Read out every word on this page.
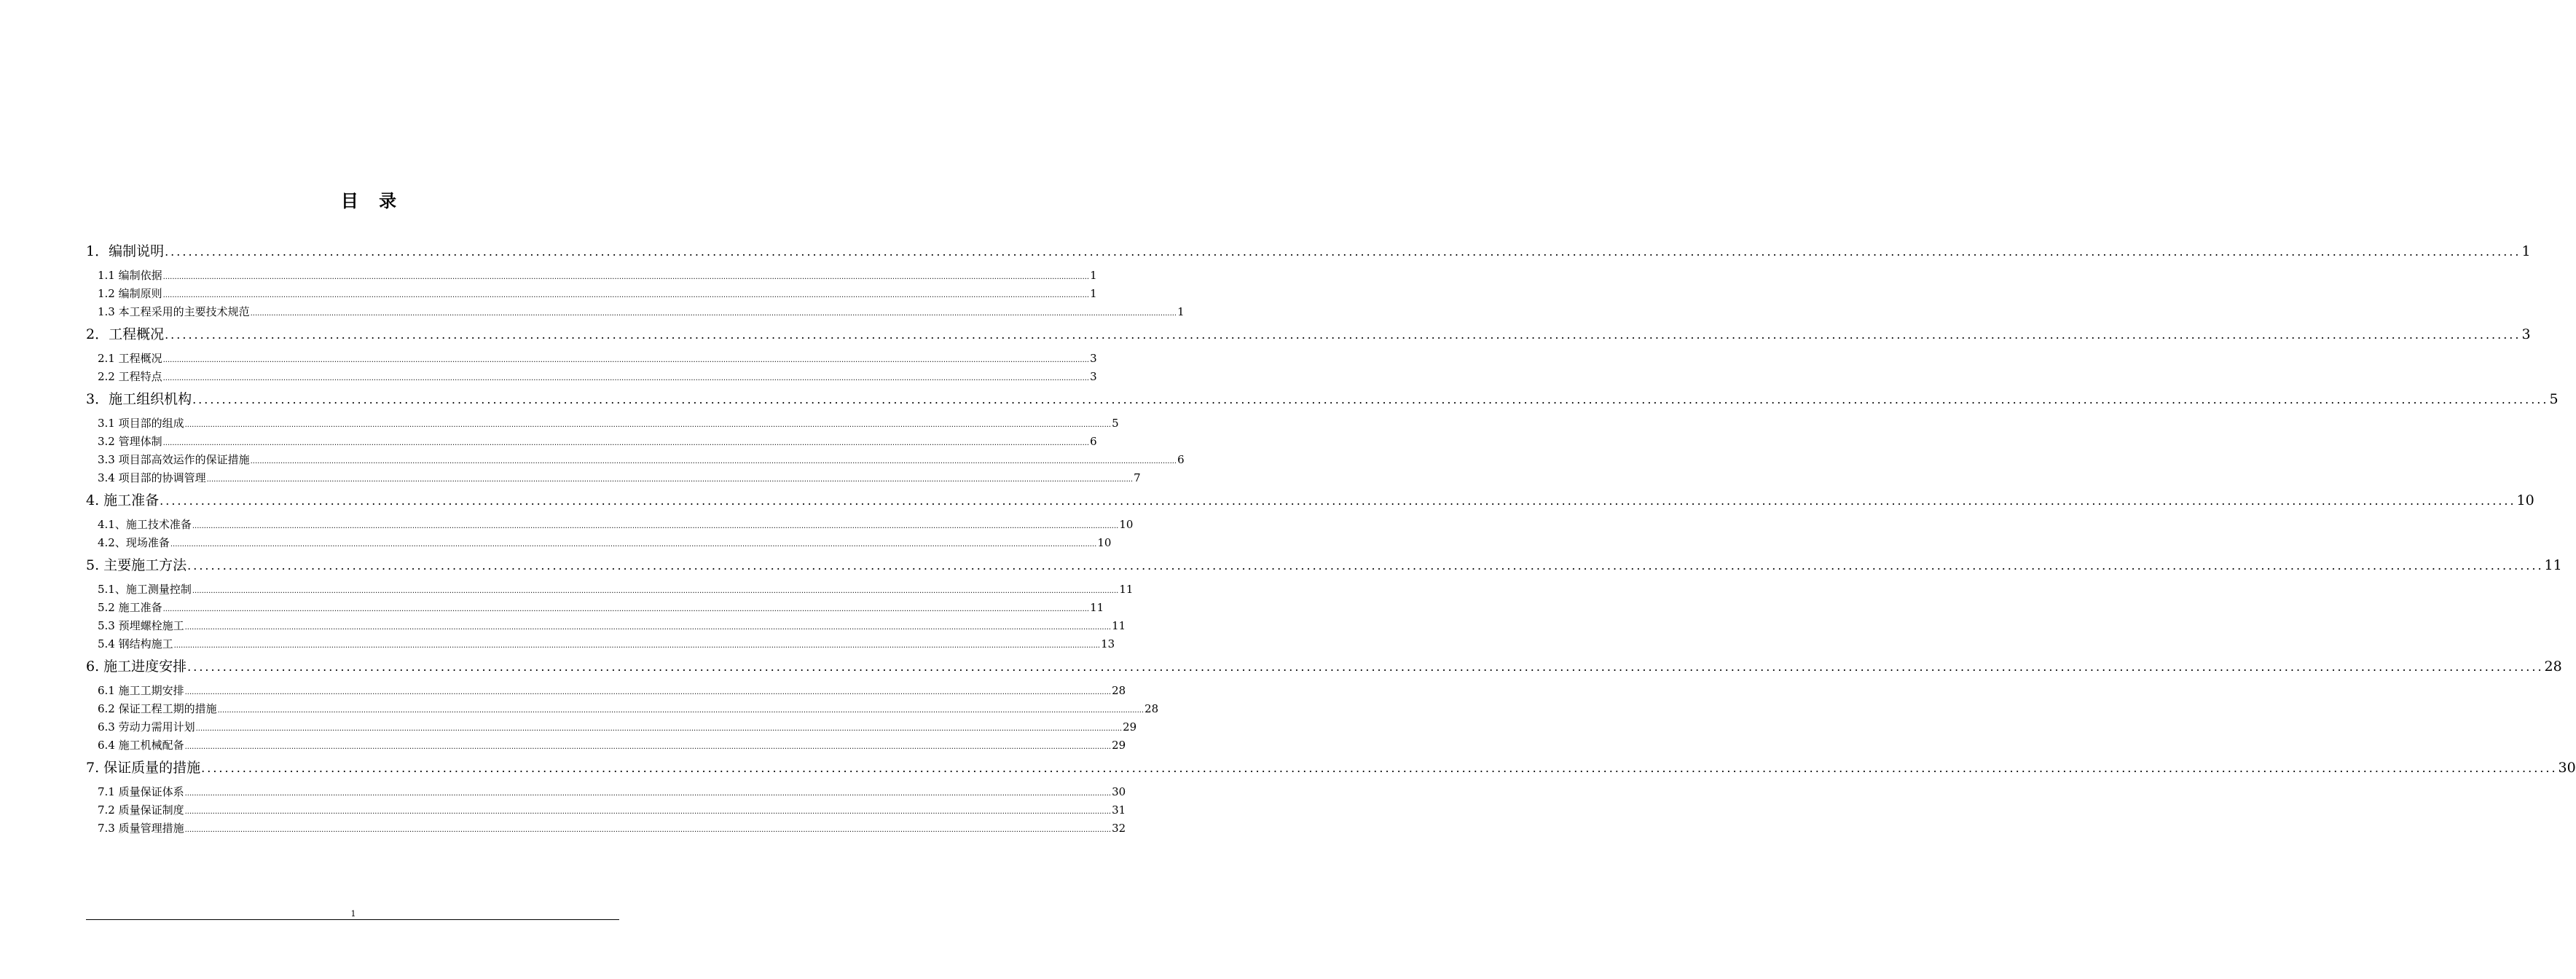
目 录
1．编制说明 ................................................................................................................................................................................................................................................................................................................................................................................................................ 1
1.1 编制依据 ................................................................................................................................................................................................................................................................................................................................................................................................................ 1
1.2 编制原则 ................................................................................................................................................................................................................................................................................................................................................................................................................ 1
1.3 本工程采用的主要技术规范 ................................................................................................................................................................................................................................................................................................................................................................................................................ 1
2．工程概况 ................................................................................................................................................................................................................................................................................................................................................................................................................ 3
2.1 工程概况 ................................................................................................................................................................................................................................................................................................................................................................................................................ 3
2.2 工程特点 ................................................................................................................................................................................................................................................................................................................................................................................................................ 3
3．施工组织机构 ................................................................................................................................................................................................................................................................................................................................................................................................................ 5
3.1 项目部的组成 ................................................................................................................................................................................................................................................................................................................................................................................................................ 5
3.2 管理体制 ................................................................................................................................................................................................................................................................................................................................................................................................................ 6
3.3 项目部高效运作的保证措施 ................................................................................................................................................................................................................................................................................................................................................................................................................ 6
3.4 项目部的协调管理 ................................................................................................................................................................................................................................................................................................................................................................................................................ 7
4. 施工准备 ................................................................................................................................................................................................................................................................................................................................................................................................................ 10
4.1、施工技术准备 ................................................................................................................................................................................................................................................................................................................................................................................................................ 10
4.2、现场准备 ................................................................................................................................................................................................................................................................................................................................................................................................................ 10
5. 主要施工方法 ................................................................................................................................................................................................................................................................................................................................................................................................................ 11
5.1、施工测量控制 ................................................................................................................................................................................................................................................................................................................................................................................................................ 11
5.2 施工准备 ................................................................................................................................................................................................................................................................................................................................................................................................................ 11
5.3 预埋螺栓施工 ................................................................................................................................................................................................................................................................................................................................................................................................................ 11
5.4 钢结构施工 ................................................................................................................................................................................................................................................................................................................................................................................................................ 13
6. 施工进度安排 ................................................................................................................................................................................................................................................................................................................................................................................................................ 28
6.1 施工工期安排 ................................................................................................................................................................................................................................................................................................................................................................................................................ 28
6.2 保证工程工期的措施 ................................................................................................................................................................................................................................................................................................................................................................................................................ 28
6.3 劳动力需用计划 ................................................................................................................................................................................................................................................................................................................................................................................................................ 29
6.4 施工机械配备 ................................................................................................................................................................................................................................................................................................................................................................................................................ 29
7. 保证质量的措施 ................................................................................................................................................................................................................................................................................................................................................................................................................ 30
7.1 质量保证体系 ................................................................................................................................................................................................................................................................................................................................................................................................................ 30
7.2 质量保证制度 ................................................................................................................................................................................................................................................................................................................................................................................................................ 31
7.3 质量管理措施 ................................................................................................................................................................................................................................................................................................................................................................................................................ 32
1
